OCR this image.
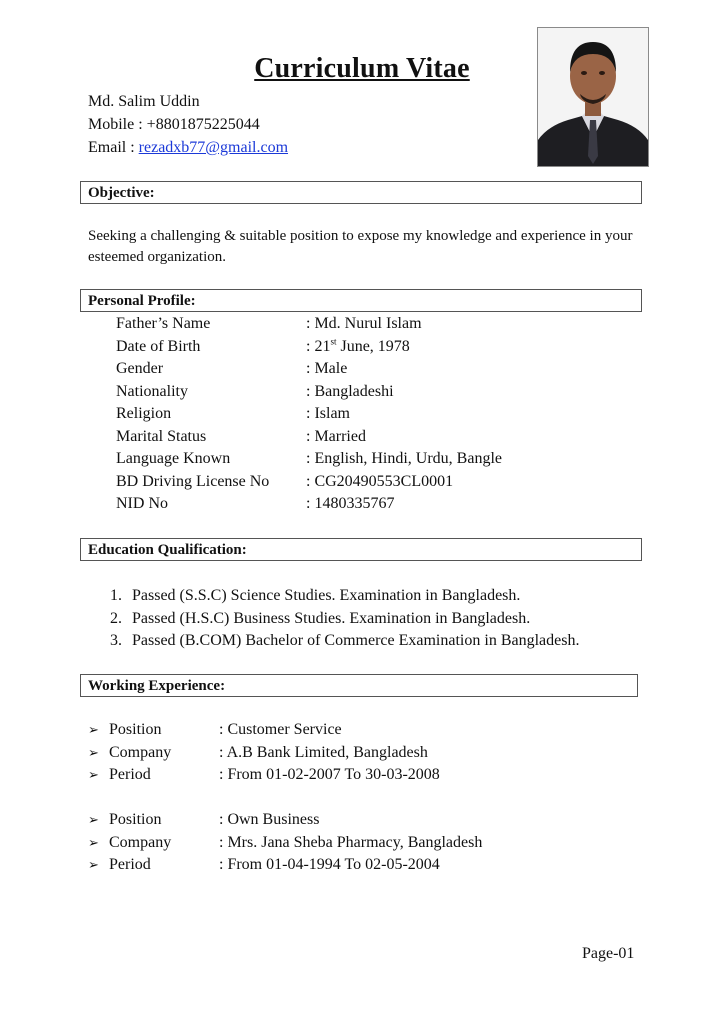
Curriculum Vitae
Md. Salim Uddin
Mobile : +8801875225044
Email : rezadxb77@gmail.com
Objective:
Seeking a challenging & suitable position to expose my knowledge and experience in your esteemed organization.
Personal Profile:
Father’s Name	: Md. Nurul Islam
Date of Birth	: 21st June, 1978
Gender	: Male
Nationality	: Bangladeshi
Religion	: Islam
Marital Status	: Married
Language Known	: English, Hindi, Urdu, Bangle
BD Driving License No	: CG20490553CL0001
NID No	: 1480335767
Education Qualification:
1. Passed (S.S.C) Science Studies. Examination in Bangladesh.
2. Passed (H.S.C) Business Studies. Examination in Bangladesh.
3. Passed (B.COM) Bachelor of Commerce Examination in Bangladesh.
Working Experience:
➢ Position	: Customer Service
➢ Company	: A.B Bank Limited, Bangladesh
➢ Period	: From 01-02-2007 To 30-03-2008
➢ Position	: Own Business
➢ Company	: Mrs. Jana Sheba Pharmacy, Bangladesh
➢ Period	: From 01-04-1994 To 02-05-2004
Page-01
